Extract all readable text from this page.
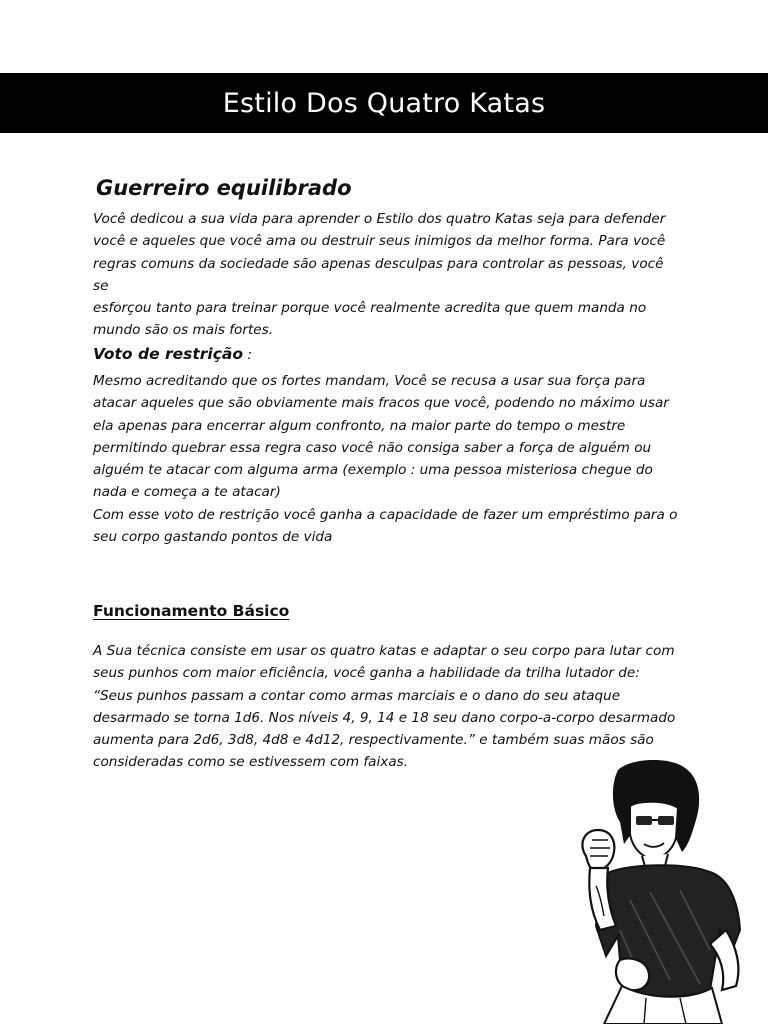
Estilo Dos Quatro Katas
Guerreiro equilibrado

Você dedicou a sua vida para aprender o Estilo dos quatro Katas seja para defender
você e aqueles que você ama ou destruir seus inimigos da melhor forma. Para você
regras comuns da sociedade são apenas desculpas para controlar as pessoas, você se
esforçou tanto para treinar porque você realmente acredita que quem manda no
mundo são os mais fortes.

Voto de restrição :

Mesmo acreditando que os fortes mandam, Você se recusa a usar sua força para
atacar aqueles que são obviamente mais fracos que você, podendo no máximo usar
ela apenas para encerrar algum confronto, na maior parte do tempo o mestre
permitindo quebrar essa regra caso você não consiga saber a força de alguém ou
alguém te atacar com alguma arma (exemplo : uma pessoa misteriosa chegue do
nada e começa a te atacar)
Com esse voto de restrição você ganha a capacidade de fazer um empréstimo para o
seu corpo gastando pontos de vida

Funcionamento Básico

A Sua técnica consiste em usar os quatro katas e adaptar o seu corpo para lutar com
seus punhos com maior eficiência, você ganha a habilidade da trilha lutador de:
“Seus punhos passam a contar como armas marciais e o dano do seu ataque
desarmado se torna 1d6. Nos níveis 4, 9, 14 e 18 seu dano corpo-a-corpo desarmado
aumenta para 2d6, 3d8, 4d8 e 4d12, respectivamente.” e também suas mãos são
consideradas como se estivessem com faixas.
